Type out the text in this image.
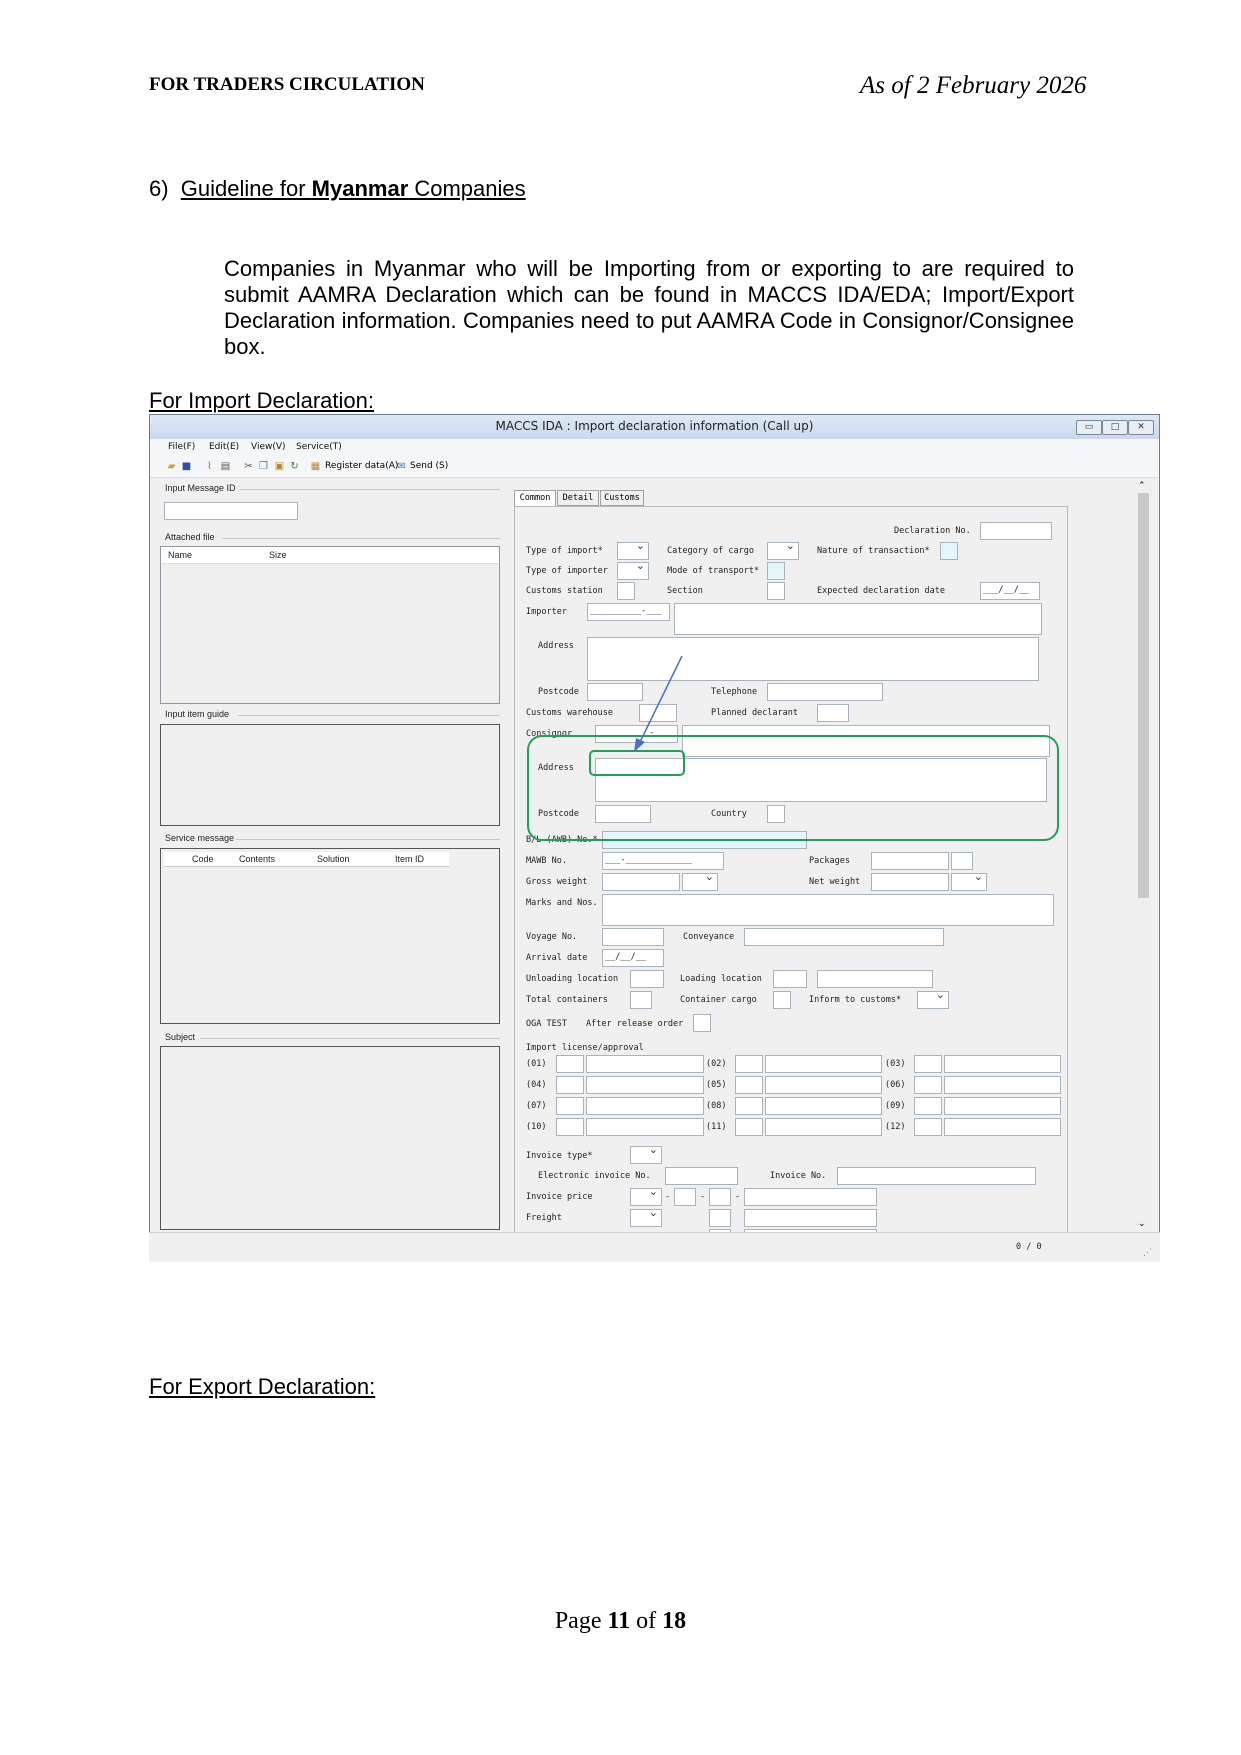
FOR TRADERS CIRCULATION	As of 2 February 2026
6) Guideline for Myanmar Companies
Companies in Myanmar who will be Importing from or exporting to are required to submit AAMRA Declaration which can be found in MACCS IDA/EDA; Import/Export Declaration information. Companies need to put AAMRA Code in Consignor/Consignee box.
For Import Declaration:
MACCS IDA : Import declaration information (Call up)	▭	□	✕
File(F) Edit(E) View(V) Service(T)
▰ ■	⌇ ▤ ✂ ❐ ▣ ↻ ▦ Register data(A)
✉ Send (S)
Input Message ID
Attached file
Name	Size
Input item guide
Service message
Code	Contents	Solution	Item ID
Subject
Common	Detail	Customs
⌃
⌄
Declaration No.
Type of import* ⌄	Category of cargo ⌄	Nature of transaction*
Type of importer ⌄	Mode of transport*
Customs station	Section	Expected declaration date	___/__/__
Importer	__________-___
Address
Postcode	Telephone
Customs warehouse	Planned declarant
Consignor	__________-___
Address
Postcode	Country
B/L (AWB) No.*
MAWB No.	___-_____________	Packages
Gross weight ⌄	Net weight
⌄
Marks and Nos.
Voyage No.	Conveyance
Arrival date __/__/__
Unloading location	Loading location
Total containers	Container cargo	Inform to customs*
⌄
OGA TEST After release order
Import license/approval
(01)	(02)	(03)
(04)	(05)	(06)
(07)	(08)	(09)
(10)	(11)	(12)
Invoice type*
⌄
Electronic invoice No.	Invoice No.
Invoice price ⌄	-	-	-
Freight
⌄
0 / 0	⋰
For Export Declaration:
Page 11 of 18
